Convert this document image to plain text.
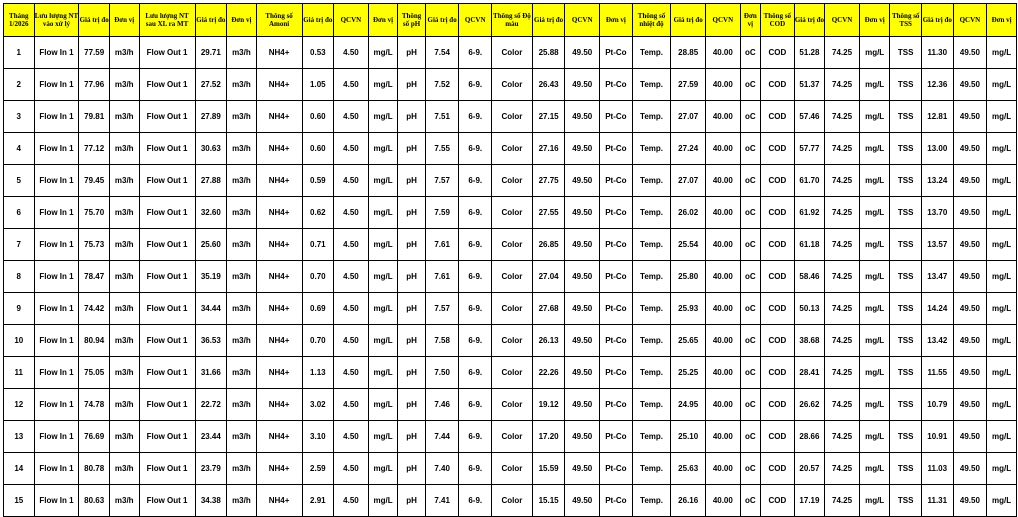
Tháng 1/2026	Lưu lượng NT vào xử lý	Giá trị đo	Đơn vị	Lưu lượng NT sau XL ra MT	Giá trị đo	Đơn vị	Thông số Amoni	Giá trị đo	QCVN	Đơn vị	Thông số pH	Giá trị đo	QCVN	Thông số Độ màu	Giá trị đo	QCVN	Đơn vị	Thông số nhiệt độ	Giá trị đo	QCVN	Đơn vị	Thông số COD	Giá trị đo	QCVN	Đơn vị	Thông số TSS	Giá trị đo	QCVN	Đơn vị
1	Flow In 1	77.59	m3/h	Flow Out 1	29.71	m3/h	NH4+	0.53	4.50	mg/L	pH	7.54	6-9.	Color	25.88	49.50	Pt-Co	Temp.	28.85	40.00	oC	COD	51.28	74.25	mg/L	TSS	11.30	49.50	mg/L
2	Flow In 1	77.96	m3/h	Flow Out 1	27.52	m3/h	NH4+	1.05	4.50	mg/L	pH	7.52	6-9.	Color	26.43	49.50	Pt-Co	Temp.	27.59	40.00	oC	COD	51.37	74.25	mg/L	TSS	12.36	49.50	mg/L
3	Flow In 1	79.81	m3/h	Flow Out 1	27.89	m3/h	NH4+	0.60	4.50	mg/L	pH	7.51	6-9.	Color	27.15	49.50	Pt-Co	Temp.	27.07	40.00	oC	COD	57.46	74.25	mg/L	TSS	12.81	49.50	mg/L
4	Flow In 1	77.12	m3/h	Flow Out 1	30.63	m3/h	NH4+	0.60	4.50	mg/L	pH	7.55	6-9.	Color	27.16	49.50	Pt-Co	Temp.	27.24	40.00	oC	COD	57.77	74.25	mg/L	TSS	13.00	49.50	mg/L
5	Flow In 1	79.45	m3/h	Flow Out 1	27.88	m3/h	NH4+	0.59	4.50	mg/L	pH	7.57	6-9.	Color	27.75	49.50	Pt-Co	Temp.	27.07	40.00	oC	COD	61.70	74.25	mg/L	TSS	13.24	49.50	mg/L
6	Flow In 1	75.70	m3/h	Flow Out 1	32.60	m3/h	NH4+	0.62	4.50	mg/L	pH	7.59	6-9.	Color	27.55	49.50	Pt-Co	Temp.	26.02	40.00	oC	COD	61.92	74.25	mg/L	TSS	13.70	49.50	mg/L
7	Flow In 1	75.73	m3/h	Flow Out 1	25.60	m3/h	NH4+	0.71	4.50	mg/L	pH	7.61	6-9.	Color	26.85	49.50	Pt-Co	Temp.	25.54	40.00	oC	COD	61.18	74.25	mg/L	TSS	13.57	49.50	mg/L
8	Flow In 1	78.47	m3/h	Flow Out 1	35.19	m3/h	NH4+	0.70	4.50	mg/L	pH	7.61	6-9.	Color	27.04	49.50	Pt-Co	Temp.	25.80	40.00	oC	COD	58.46	74.25	mg/L	TSS	13.47	49.50	mg/L
9	Flow In 1	74.42	m3/h	Flow Out 1	34.44	m3/h	NH4+	0.69	4.50	mg/L	pH	7.57	6-9.	Color	27.68	49.50	Pt-Co	Temp.	25.93	40.00	oC	COD	50.13	74.25	mg/L	TSS	14.24	49.50	mg/L
10	Flow In 1	80.94	m3/h	Flow Out 1	36.53	m3/h	NH4+	0.70	4.50	mg/L	pH	7.58	6-9.	Color	26.13	49.50	Pt-Co	Temp.	25.65	40.00	oC	COD	38.68	74.25	mg/L	TSS	13.42	49.50	mg/L
11	Flow In 1	75.05	m3/h	Flow Out 1	31.66	m3/h	NH4+	1.13	4.50	mg/L	pH	7.50	6-9.	Color	22.26	49.50	Pt-Co	Temp.	25.25	40.00	oC	COD	28.41	74.25	mg/L	TSS	11.55	49.50	mg/L
12	Flow In 1	74.78	m3/h	Flow Out 1	22.72	m3/h	NH4+	3.02	4.50	mg/L	pH	7.46	6-9.	Color	19.12	49.50	Pt-Co	Temp.	24.95	40.00	oC	COD	26.62	74.25	mg/L	TSS	10.79	49.50	mg/L
13	Flow In 1	76.69	m3/h	Flow Out 1	23.44	m3/h	NH4+	3.10	4.50	mg/L	pH	7.44	6-9.	Color	17.20	49.50	Pt-Co	Temp.	25.10	40.00	oC	COD	28.66	74.25	mg/L	TSS	10.91	49.50	mg/L
14	Flow In 1	80.78	m3/h	Flow Out 1	23.79	m3/h	NH4+	2.59	4.50	mg/L	pH	7.40	6-9.	Color	15.59	49.50	Pt-Co	Temp.	25.63	40.00	oC	COD	20.57	74.25	mg/L	TSS	11.03	49.50	mg/L
15	Flow In 1	80.63	m3/h	Flow Out 1	34.38	m3/h	NH4+	2.91	4.50	mg/L	pH	7.41	6-9.	Color	15.15	49.50	Pt-Co	Temp.	26.16	40.00	oC	COD	17.19	74.25	mg/L	TSS	11.31	49.50	mg/L
